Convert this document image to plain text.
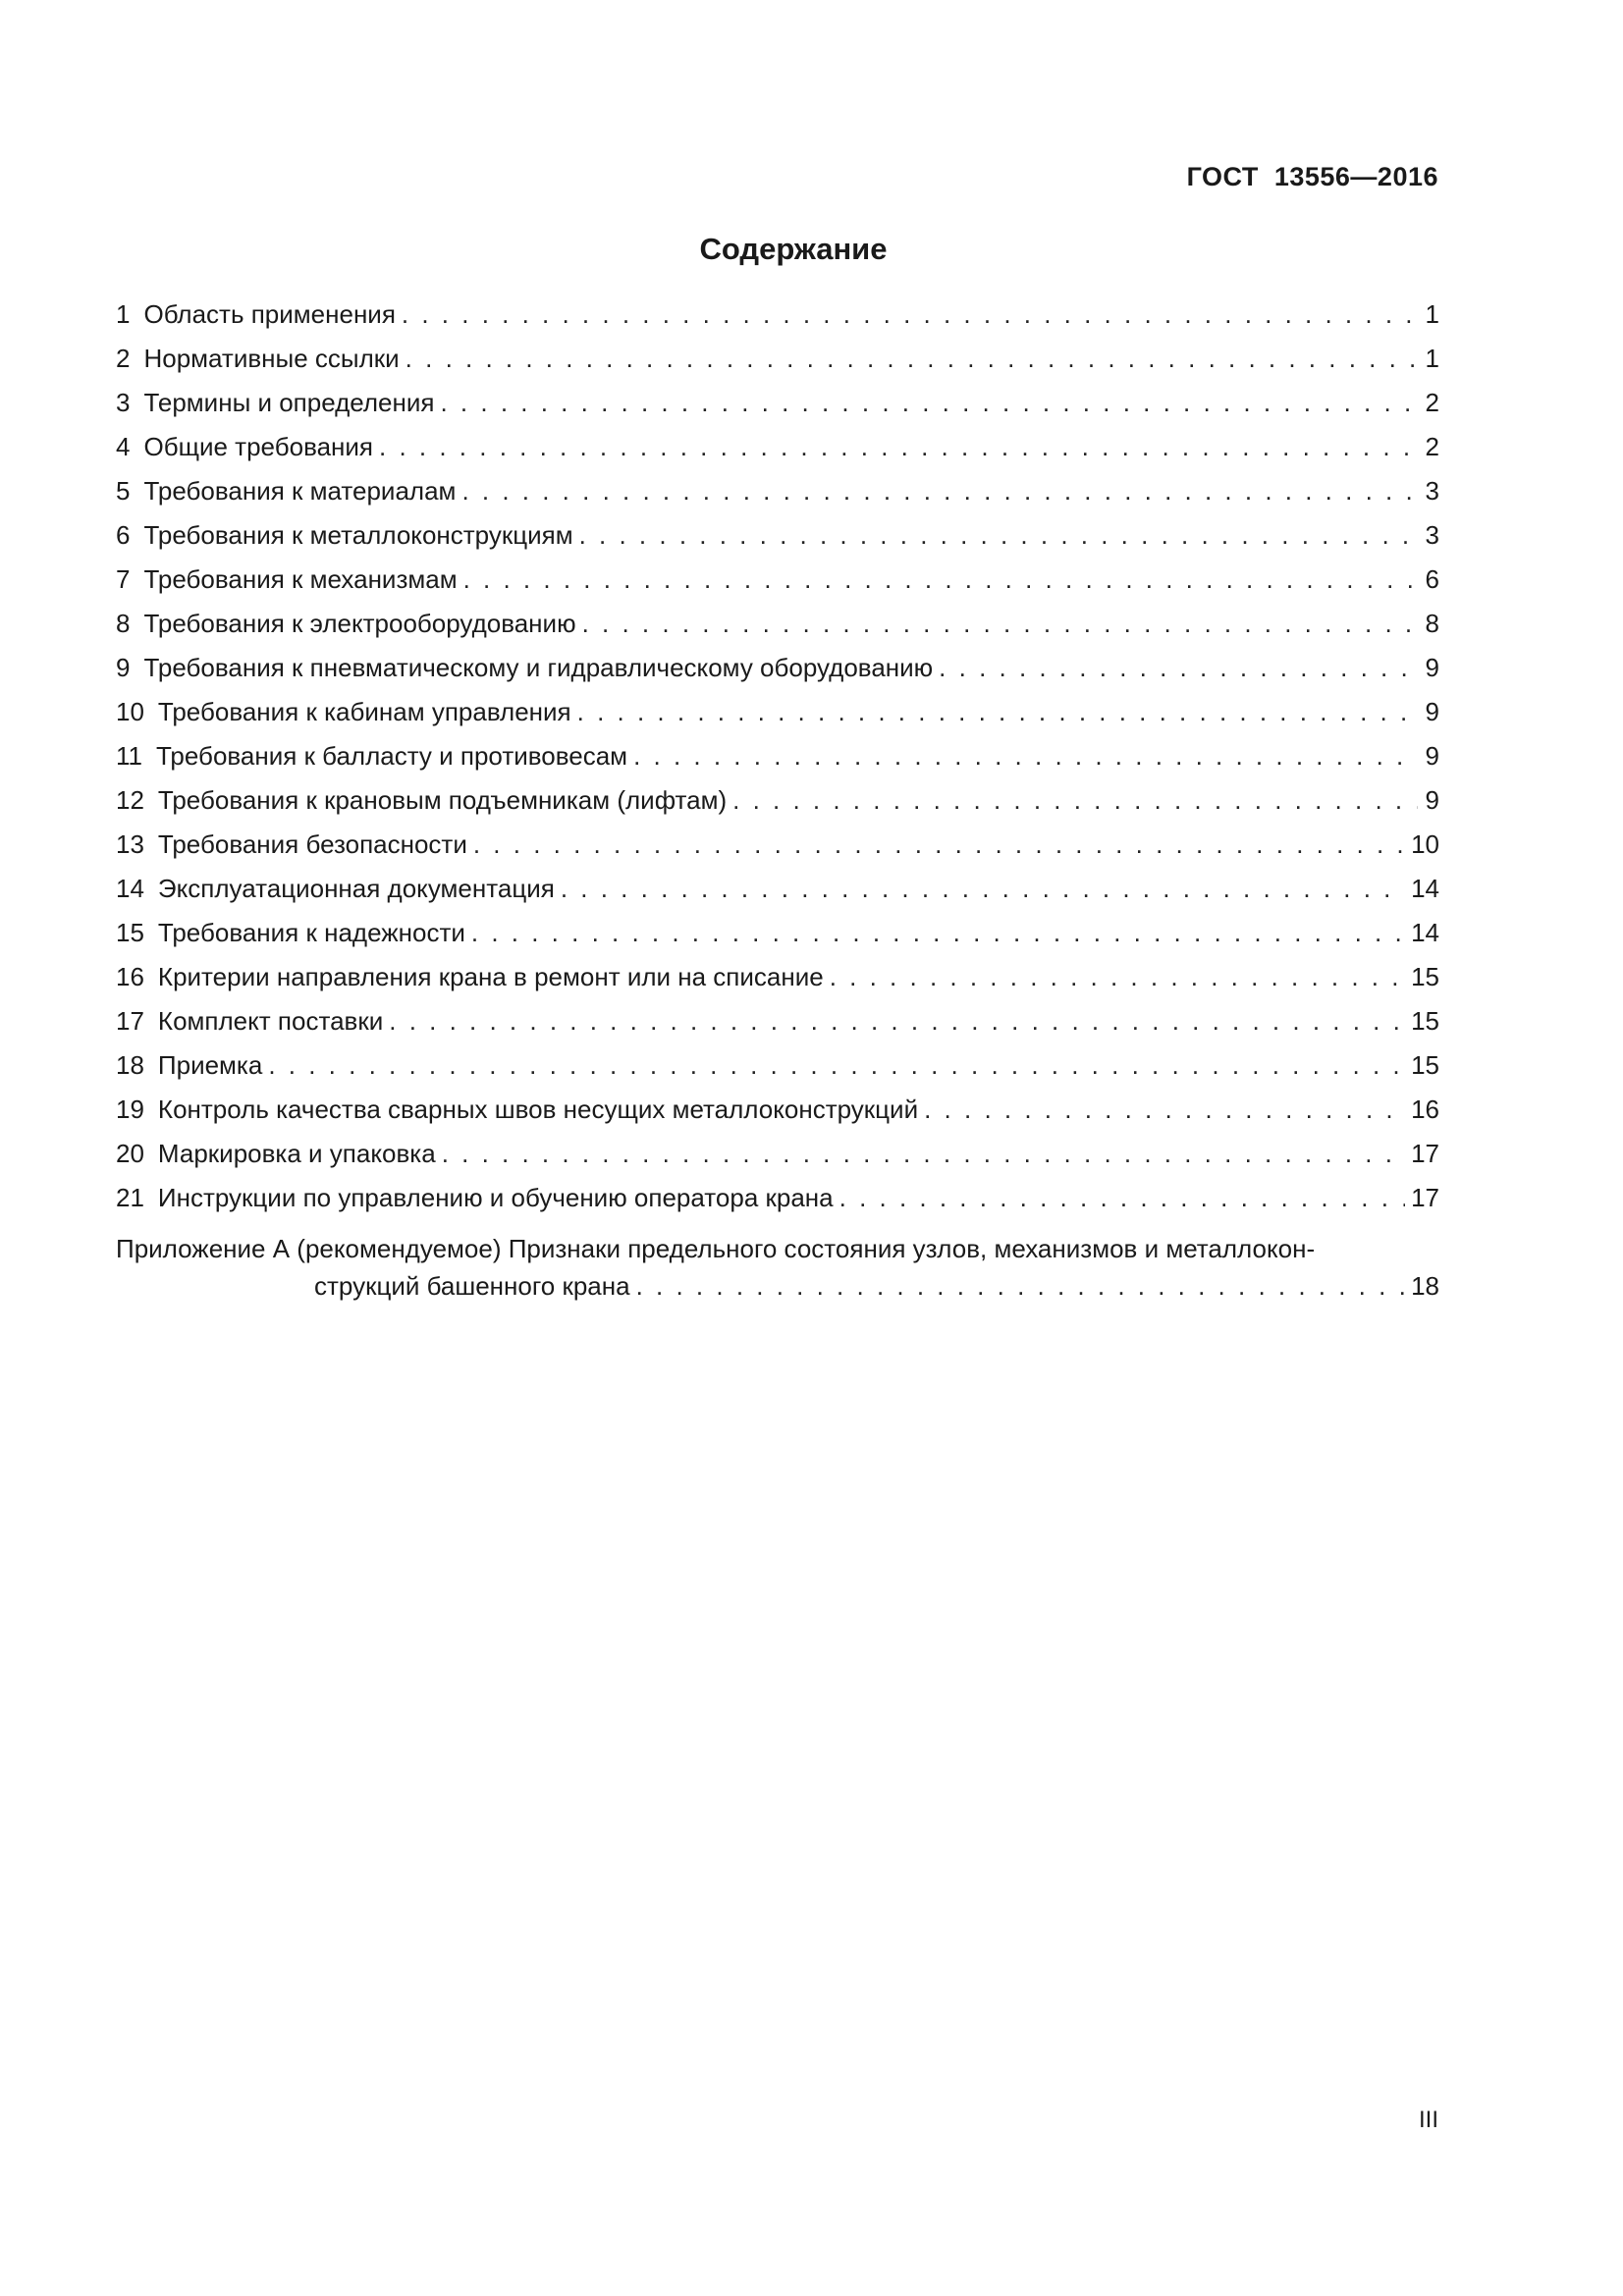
ГОСТ  13556—2016
Содержание
1 Область применения . . .	1
2 Нормативные ссылки . . .	1
3 Термины и определения . . .	2
4 Общие требования . . .	2
5 Требования к материалам . . .	3
6 Требования к металлоконструкциям . . .	3
7 Требования к механизмам . . .	6
8 Требования к электрооборудованию . . .	8
9 Требования к пневматическому и гидравлическому оборудованию . . .	9
10 Требования к кабинам управления . . .	9
11 Требования к балласту и противовесам . . .	9
12 Требования к крановым подъемникам (лифтам) . . .	9
13 Требования безопасности . . .	10
14 Эксплуатационная документация . . .	14
15 Требования к надежности . . .	14
16 Критерии направления крана в ремонт или на списание . . .	15
17 Комплект поставки . . .	15
18 Приемка . . .	15
19 Контроль качества сварных швов несущих металлоконструкций . . .	16
20 Маркировка и упаковка . . .	17
21 Инструкции по управлению и обучению оператора крана . . .	17
Приложение А (рекомендуемое) Признаки предельного состояния узлов, механизмов и металлокон-
струкций башенного крана . . .	18
III
